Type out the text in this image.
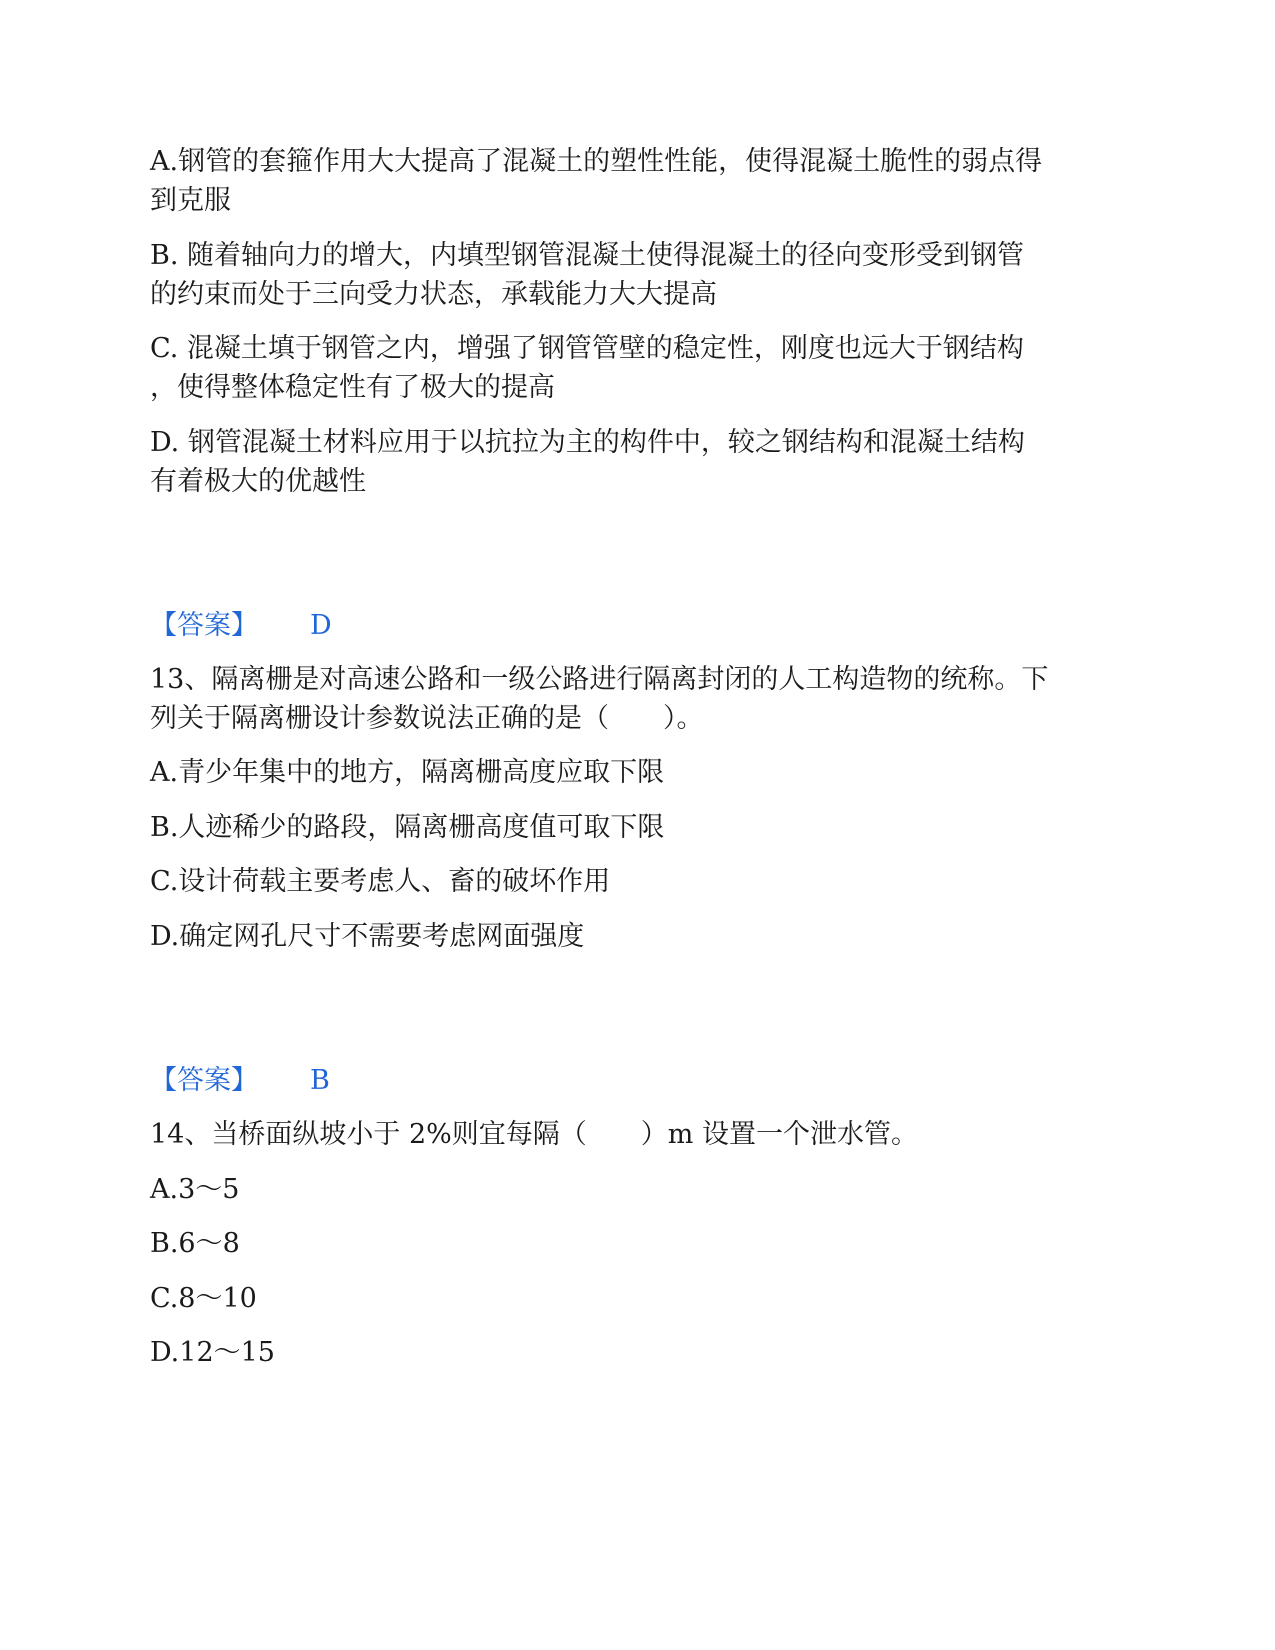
A.钢管的套箍作用大大提高了混凝土的塑性性能，使得混凝土脆性的弱点得
到克服
B. 随着轴向力的增大，内填型钢管混凝土使得混凝土的径向变形受到钢管
的约束而处于三向受力状态，承载能力大大提高
C. 混凝土填于钢管之内，增强了钢管管壁的稳定性，刚度也远大于钢结构
，使得整体稳定性有了极大的提高
D. 钢管混凝土材料应用于以抗拉为主的构件中，较之钢结构和混凝土结构
有着极大的优越性
【答案】 D
13、隔离栅是对高速公路和一级公路进行隔离封闭的人工构造物的统称。下
列关于隔离栅设计参数说法正确的是（　　）。
A.青少年集中的地方，隔离栅高度应取下限
B.人迹稀少的路段，隔离栅高度值可取下限
C.设计荷载主要考虑人、畜的破坏作用
D.确定网孔尺寸不需要考虑网面强度
【答案】 B
14、当桥面纵坡小于 2%则宜每隔（　　）m 设置一个泄水管。
A.3～5
B.6～8
C.8～10
D.12～15
